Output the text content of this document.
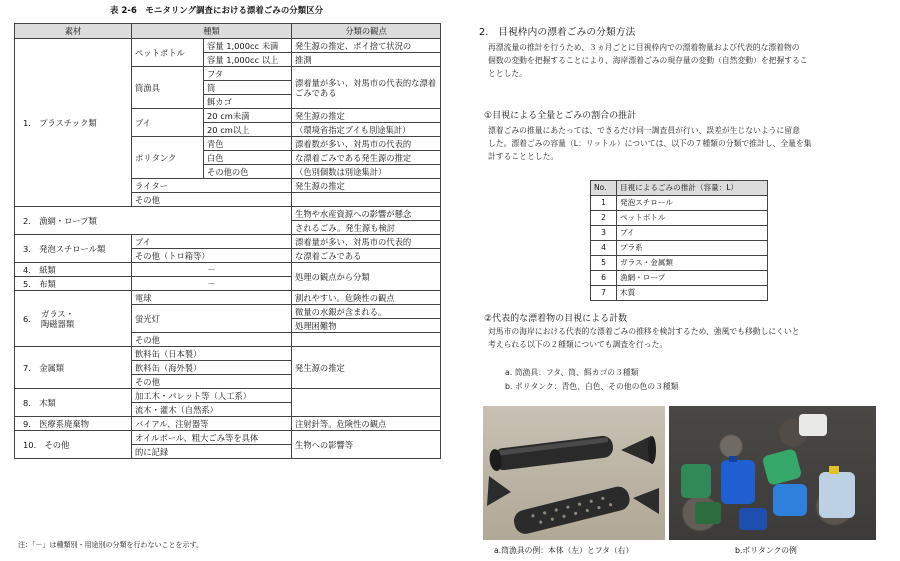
表 2-6　モニタリング調査における漂着ごみの分類区分
素材	種類		分類の観点
1.　プラスチック類	ペットボトル	容量 1,000cc 未満	発生源の推定、ポイ捨て状況の
		容量 1,000cc 以上	推測
	筒漁具	フタ	漂着量が多い、対馬市の代表的な漂着ごみである
		筒	
		餌カゴ	
	ブイ	20 cm未満	発生源の推定
		20 cm以上	（環境省指定ブイも別途集計）
	ポリタンク	青色	漂着数が多い、対馬市の代表的
		白色	な漂着ごみである発生源の推定
		その他の色	（色別個数は別途集計）
	ライター		発生源の推定
	その他		
2.　漁網・ロープ類			生物や水産資源への影響が懸念
			されるごみ。発生源も検討
3.　発泡スチロール類	ブイ		漂着量が多い、対馬市の代表的
	その他（トロ箱等）		な漂着ごみである
4.　紙類	－		処理の観点から分類
5.　布類	－		

6. ガラス・
陶磁器類	電球		割れやすい。危険性の観点
	蛍光灯		微量の水銀が含まれる。
			処理困難物
	その他		
7.　金属類	飲料缶（日本製）		発生源の推定
	飲料缶（海外製）		
	その他		
8.　木類	加工木・パレット等（人工系）		
	流木・灌木（自然系）		
9.　医療系廃棄物	バイアル、注射器等		注射針等。危険性の観点
10.　その他	オイルボール、粗大ごみ等を具体		生物への影響等
	的に記録		
注：「－」は種類別・用途別の分類を行わないことを示す。
2.　目視枠内の漂着ごみの分類方法
再漂流量の推計を行うため、３ヵ月ごとに目視枠内での漂着物量および代表的な漂着物の
個数の変動を把握することにより、海岸漂着ごみの現存量の変動（自然変動）を把握するこ
ととした。
①目視による全量とごみの割合の推計
漂着ごみの推量にあたっては、できるだけ同一調査員が行い、誤差が生じないように留意
した。漂着ごみの容量（L：リットル）については、以下の７種類の分類で推計し、全量を集
計することとした。
No.	目視によるごみの推計（容量：L）
1	発泡スチロール
2	ペットボトル
3	ブイ
4	プラ系
5	ガラス・金属類
6	漁網・ロープ
7	木質
②代表的な漂着物の目視による計数
対馬市の海岸における代表的な漂着ごみの推移を検討するため、強風でも移動しにくいと
考えられる以下の２種類についても調査を行った。
a. 筒漁具：フタ、筒、餌カゴの３種類
b. ポリタンク：青色、白色、その他の色の３種類
a.筒漁具の例：本体（左）とフタ（右）	b.ポリタンクの例
